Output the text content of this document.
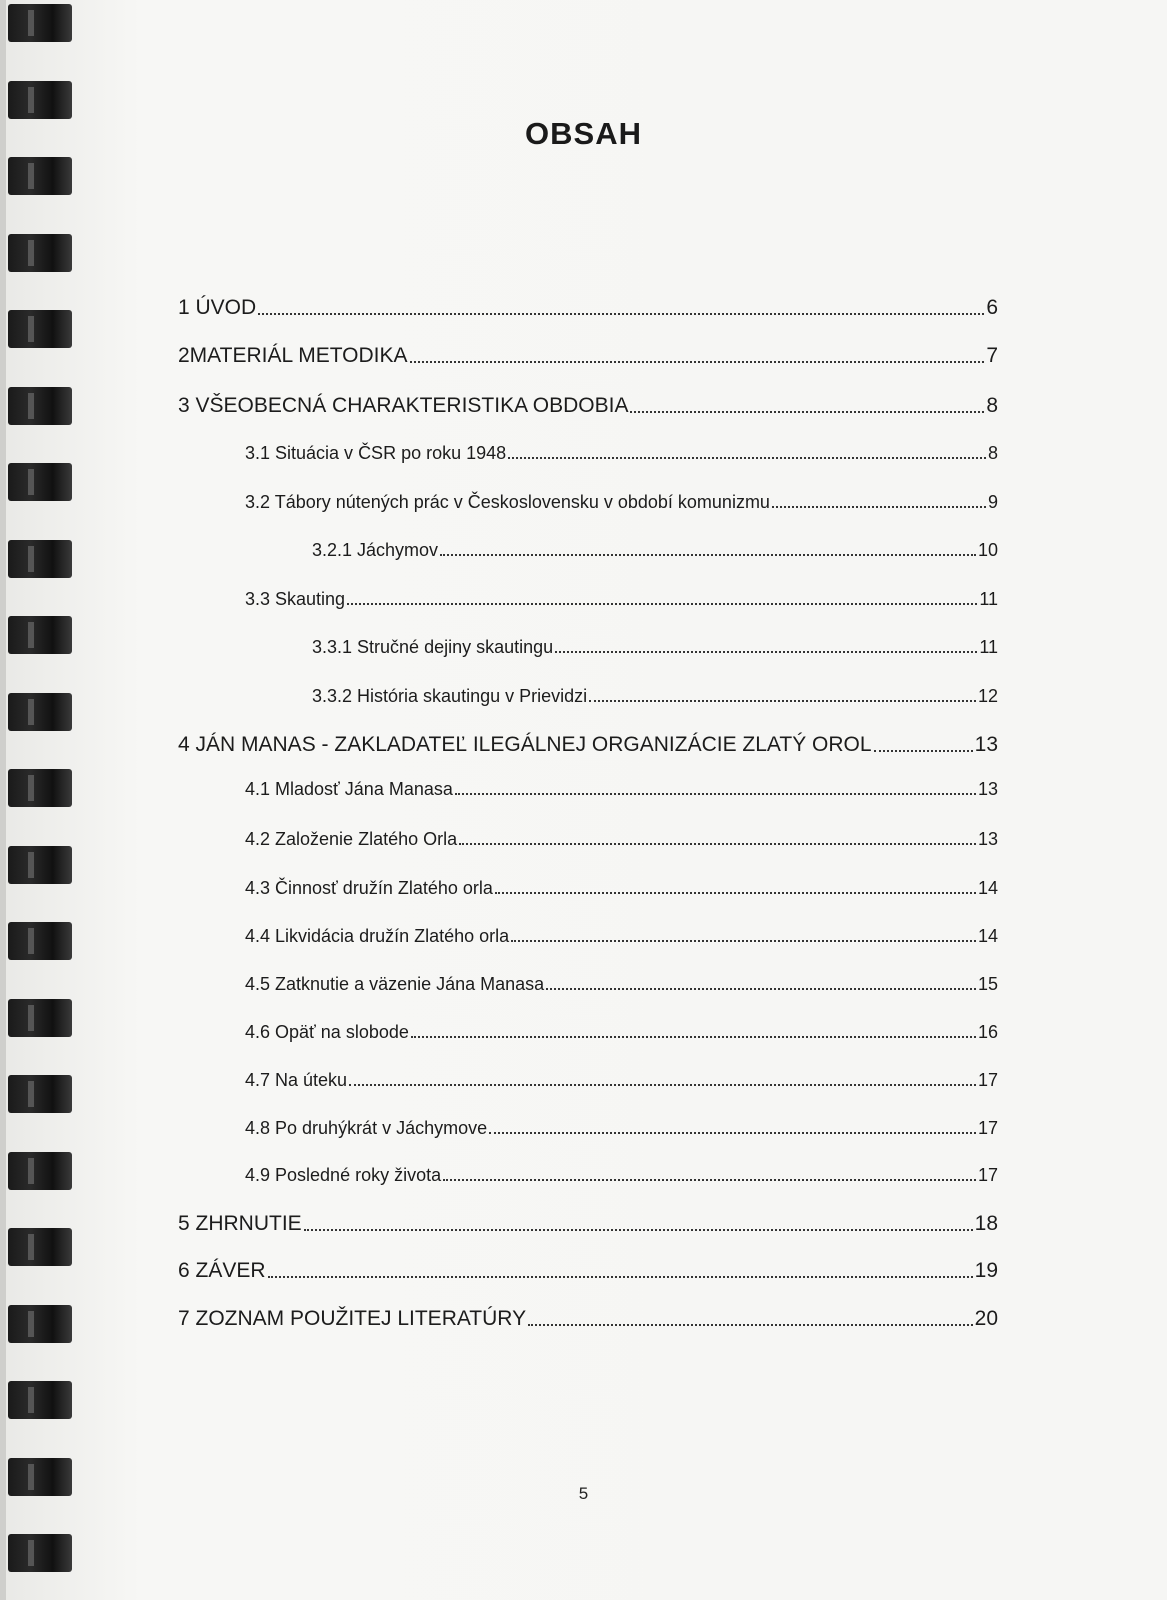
OBSAH
1 ÚVOD	6
2MATERIÁL METODIKA	7
3 VŠEOBECNÁ CHARAKTERISTIKA OBDOBIA	8
3.1 Situácia v ČSR po roku 1948	8
3.2 Tábory nútených prác v Československu v období komunizmu	9
3.2.1 Jáchymov	10
3.3 Skauting	11
3.3.1 Stručné dejiny skautingu	11
3.3.2 História skautingu v Prievidzi	12
4 JÁN MANAS - ZAKLADATEĽ ILEGÁLNEJ ORGANIZÁCIE ZLATÝ OROL	13
4.1 Mladosť Jána Manasa	13
4.2 Založenie Zlatého Orla	13
4.3 Činnosť družín Zlatého orla	14
4.4 Likvidácia družín Zlatého orla	14
4.5 Zatknutie a väzenie Jána Manasa	15
4.6 Opäť na slobode	16
4.7 Na úteku	17
4.8 Po druhýkrát v Jáchymove	17
4.9 Posledné roky života	17
5 ZHRNUTIE	18
6 ZÁVER	19
7 ZOZNAM POUŽITEJ LITERATÚRY	20
5
